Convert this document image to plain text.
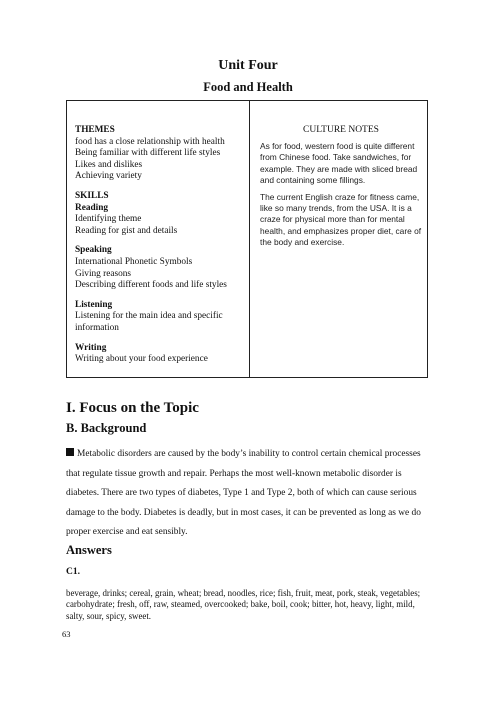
Unit Four
Food and Health
THEMES
food has a close relationship with health
Being familiar with different life styles
Likes and dislikes
Achieving variety
SKILLS
Reading
Identifying theme
Reading for gist and details
Speaking
International Phonetic Symbols
Giving reasons
Describing different foods and life styles
Listening
Listening for the main idea and specific information
Writing
Writing about your food experience
CULTURE NOTES

As for food, western food is quite different from Chinese food. Take sandwiches, for example. They are made with sliced bread and containing some fillings.

The current English craze for fitness came, like so many trends, from the USA. It is a craze for physical more than for mental health, and emphasizes proper diet, care of the body and exercise.

I. Focus on the Topic
B. Background
Metabolic disorders are caused by the body’s inability to control certain chemical processes that regulate tissue growth and repair. Perhaps the most well-known metabolic disorder is diabetes. There are two types of diabetes, Type 1 and Type 2, both of which can cause serious damage to the body. Diabetes is deadly, but in most cases, it can be prevented as long as we do proper exercise and eat sensibly.
Answers
C1.
beverage, drinks; cereal, grain, wheat; bread, noodles, rice; fish, fruit, meat, pork, steak, vegetables; carbohydrate; fresh, off, raw, steamed, overcooked; bake, boil, cook; bitter, hot, heavy, light, mild, salty, sour, spicy, sweet.
63
